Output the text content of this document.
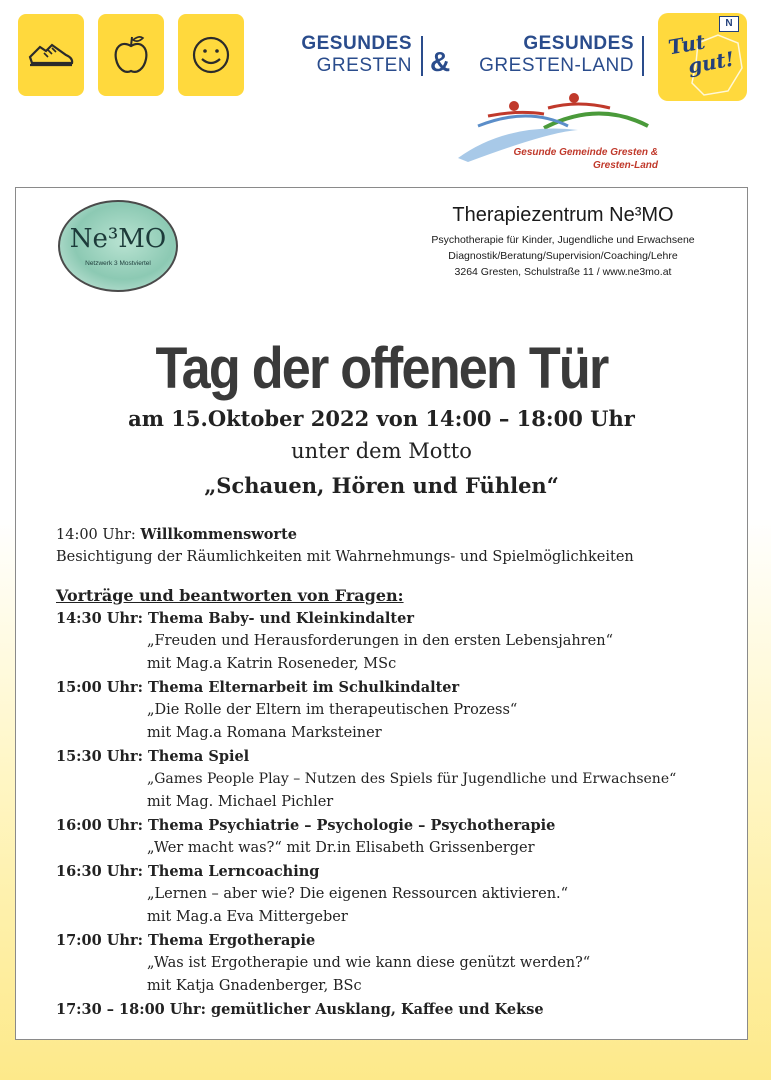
GESUNDES
GRESTEN &
GESUNDES
GRESTEN-LAND
N
Tut
gut!
Gesunde Gemeinde Gresten &
Gresten-Land
Ne³MO
Netzwerk 3 Mostviertel
Therapiezentrum Ne³MO
Psychotherapie für Kinder, Jugendliche und Erwachsene
Diagnostik/Beratung/Supervision/Coaching/Lehre
3264 Gresten, Schulstraße 11 / www.ne3mo.at
Tag der offenen Tür
am 15.Oktober 2022 von 14:00 – 18:00 Uhr
unter dem Motto
„Schauen, Hören und Fühlen“
14:00 Uhr: Willkommensworte
Besichtigung der Räumlichkeiten mit Wahrnehmungs- und Spielmöglichkeiten
Vorträge und beantworten von Fragen:
14:30 Uhr: Thema Baby- und Kleinkindalter
„Freuden und Herausforderungen in den ersten Lebensjahren“
mit Mag.a Katrin Roseneder, MSc
15:00 Uhr: Thema Elternarbeit im Schulkindalter
„Die Rolle der Eltern im therapeutischen Prozess“
mit Mag.a Romana Marksteiner
15:30 Uhr: Thema Spiel
„Games People Play – Nutzen des Spiels für Jugendliche und Erwachsene“
mit Mag. Michael Pichler
16:00 Uhr: Thema Psychiatrie – Psychologie – Psychotherapie
„Wer macht was?“ mit Dr.in Elisabeth Grissenberger
16:30 Uhr: Thema Lerncoaching
„Lernen – aber wie? Die eigenen Ressourcen aktivieren.“
mit Mag.a Eva Mittergeber
17:00 Uhr: Thema Ergotherapie
„Was ist Ergotherapie und wie kann diese genützt werden?“
mit Katja Gnadenberger, BSc
17:30 – 18:00 Uhr: gemütlicher Ausklang, Kaffee und Kekse
